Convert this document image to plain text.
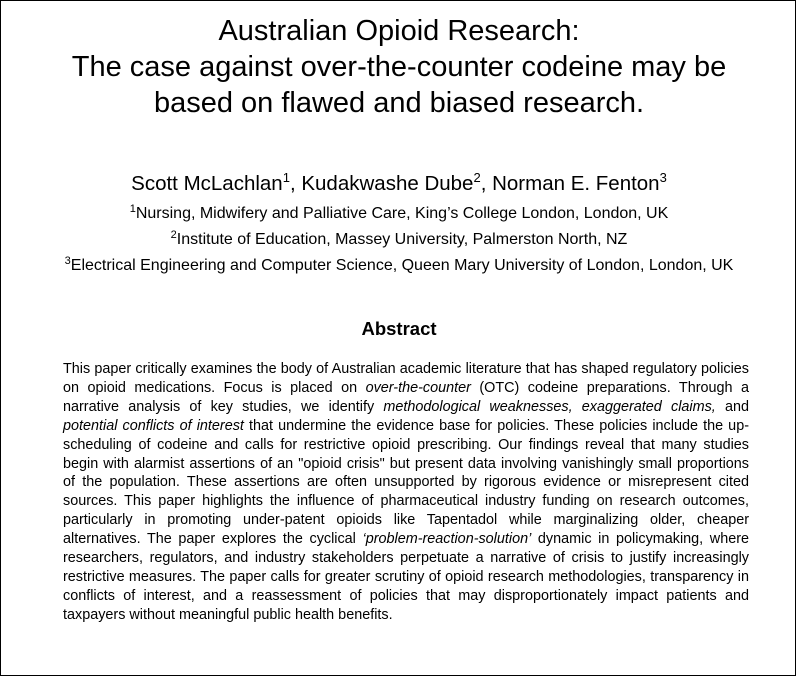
Australian Opioid Research:
The case against over-the-counter codeine may be
based on flawed and biased research.
Scott McLachlan$^1$, Kudakwashe Dube$^2$, Norman E. Fenton$^3$
$^1$Nursing, Midwifery and Palliative Care, King’s College London, London, UK
$^2$Institute of Education, Massey University, Palmerston North, NZ
$^3$Electrical Engineering and Computer Science, Queen Mary University of London, London, UK
Abstract

This paper critically examines the body of Australian academic literature that has shaped regulatory policies on opioid medications. Focus is placed on over-the-counter (OTC) codeine preparations. Through a narrative analysis of key studies, we identify methodological weaknesses, exaggerated claims, and potential conflicts of interest that undermine the evidence base for policies. These policies include the up-scheduling of codeine and calls for restrictive opioid prescribing. Our findings reveal that many studies begin with alarmist assertions of an "opioid crisis" but present data involving vanishingly small proportions of the population. These assertions are often unsupported by rigorous evidence or misrepresent cited sources. This paper highlights the influence of pharmaceutical industry funding on research outcomes, particularly in promoting under-patent opioids like Tapentadol while marginalizing older, cheaper alternatives. The paper explores the cyclical ‘problem-reaction-solution’ dynamic in policymaking, where researchers, regulators, and industry stakeholders perpetuate a narrative of crisis to justify increasingly restrictive measures. The paper calls for greater scrutiny of opioid research methodologies, transparency in conflicts of interest, and a reassessment of policies that may disproportionately impact patients and taxpayers without meaningful public health benefits.
